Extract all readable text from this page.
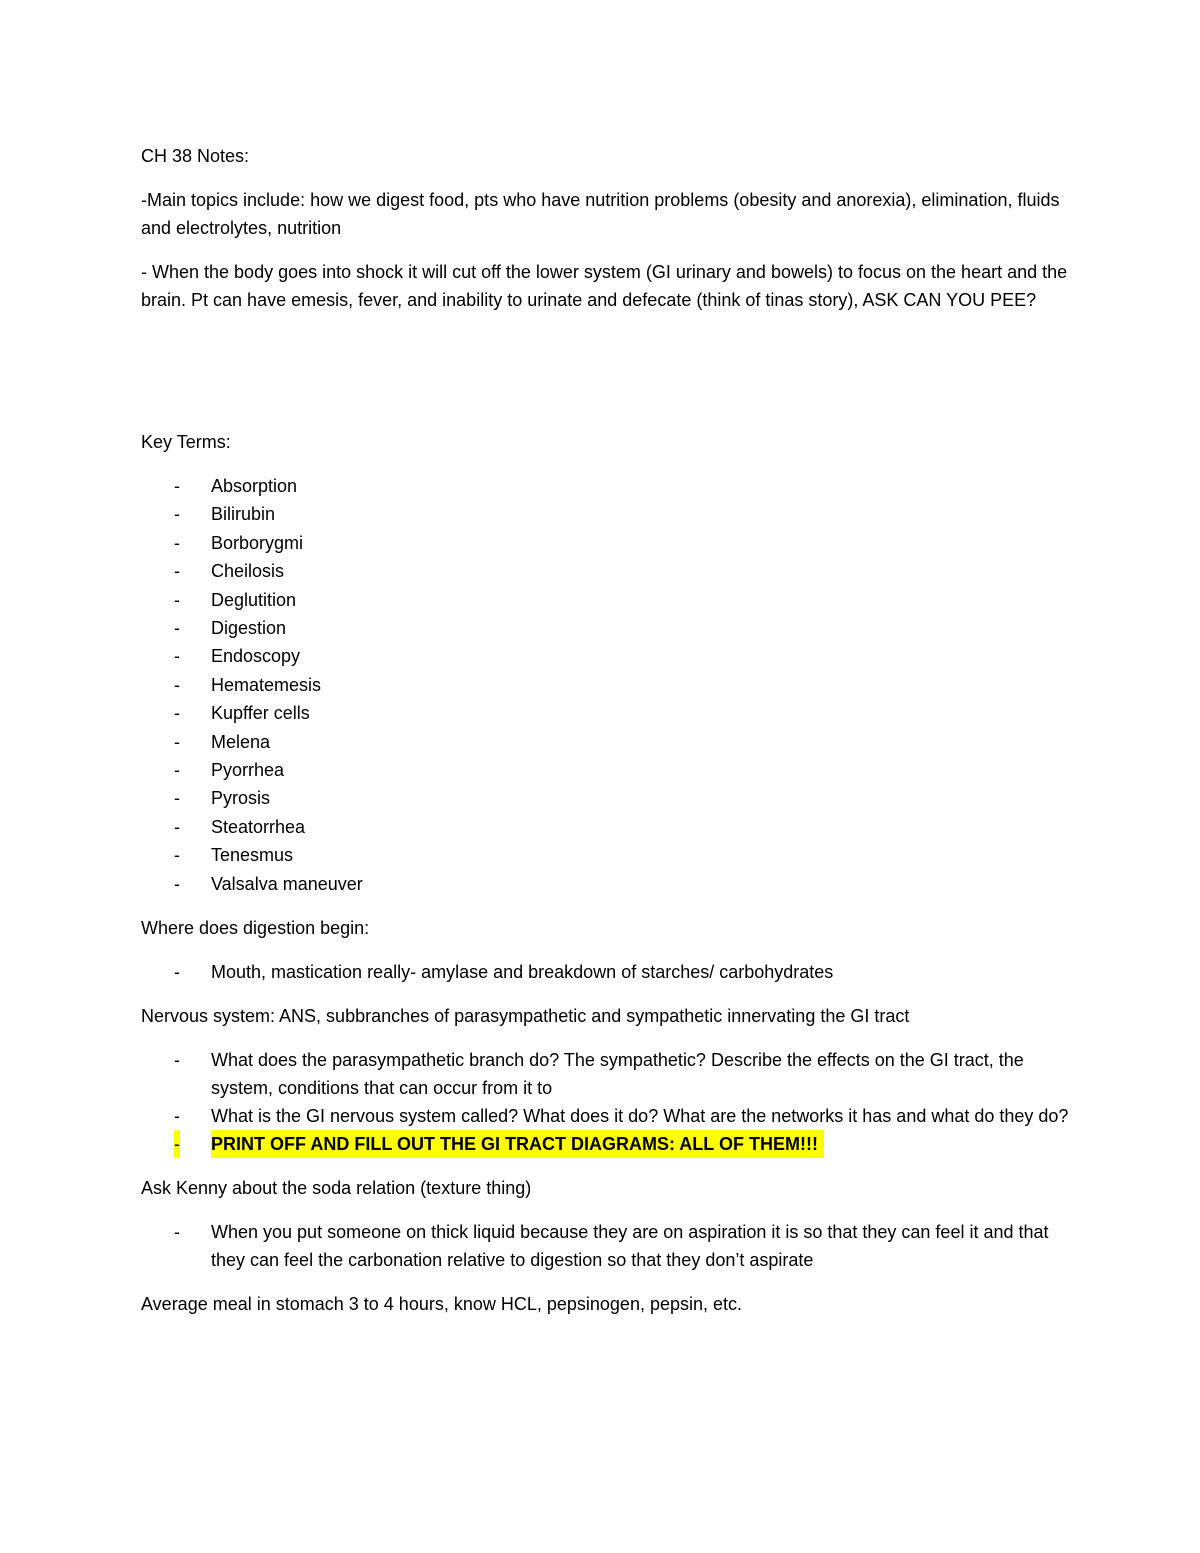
CH 38 Notes:

-Main topics include: how we digest food, pts who have nutrition problems (obesity and anorexia), elimination, fluids and electrolytes, nutrition

- When the body goes into shock it will cut off the lower system (GI urinary and bowels) to focus on the heart and the brain. Pt can have emesis, fever, and inability to urinate and defecate (think of tinas story), ASK CAN YOU PEE?

Key Terms:

- Absorption
- Bilirubin
- Borborygmi
- Cheilosis
- Deglutition
- Digestion
- Endoscopy
- Hematemesis
- Kupffer cells
- Melena
- Pyorrhea
- Pyrosis
- Steatorrhea
- Tenesmus
- Valsalva maneuver

Where does digestion begin:

- Mouth, mastication really- amylase and breakdown of starches/ carbohydrates

Nervous system: ANS, subbranches of parasympathetic and sympathetic innervating the GI tract

- What does the parasympathetic branch do? The sympathetic? Describe the effects on the GI tract, the system, conditions that can occur from it to
- What is the GI nervous system called? What does it do? What are the networks it has and what do they do?
- PRINT OFF AND FILL OUT THE GI TRACT DIAGRAMS: ALL OF THEM!!!

Ask Kenny about the soda relation (texture thing)

- When you put someone on thick liquid because they are on aspiration it is so that they can feel it and that they can feel the carbonation relative to digestion so that they don’t aspirate

Average meal in stomach 3 to 4 hours, know HCL, pepsinogen, pepsin, etc.
